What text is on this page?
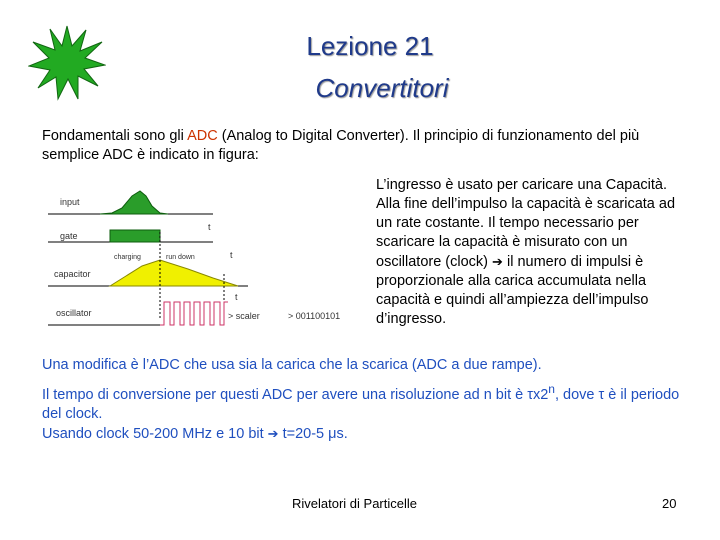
Lezione 21
Convertitori
Fondamentali sono gli ADC (Analog to Digital Converter). Il principio di funzionamento del più semplice ADC è indicato in figura:
input
gate
t
charging	run down	t
capacitor
t
oscillator	> scaler	> 001100101
L’ingresso è usato per caricare una Capacità. Alla fine dell’impulso la capacità è scaricata ad un rate costante. Il tempo necessario per scaricare la capacità è misurato con un oscillatore (clock) ➔ il numero di impulsi è proporzionale alla carica accumulata nella capacità e quindi all’ampiezza dell’impulso d’ingresso.
Una modifica è l’ADC che usa sia la carica che la scarica (ADC a due rampe).
Il tempo di conversione per questi ADC per avere una risoluzione ad n bit è τx2$^n$, dove τ è il periodo del clock.
Usando clock 50-200 MHz e 10 bit ➔ t=20-5 μs.
Rivelatori di Particelle	20
